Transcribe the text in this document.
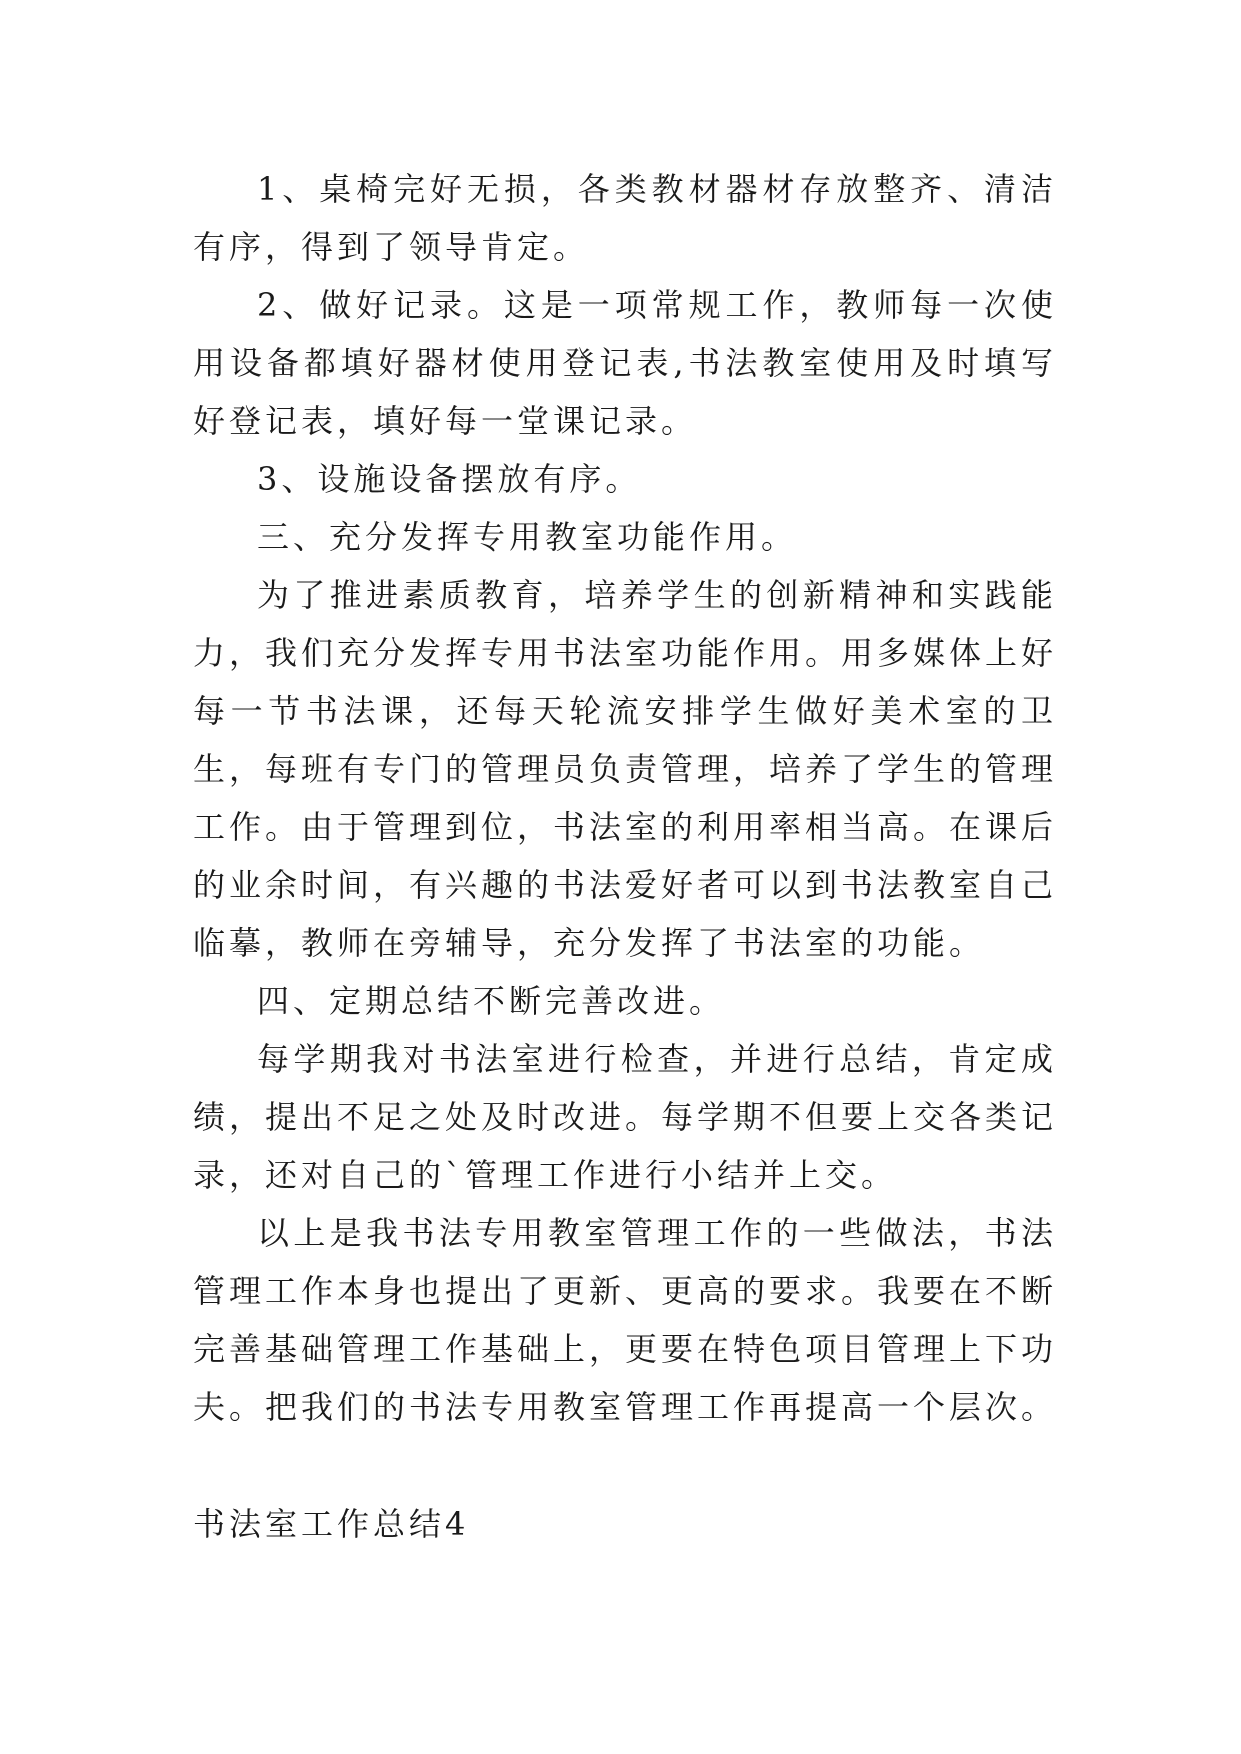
1、桌椅完好无损，各类教材器材存放整齐、清洁有序，得到了领导肯定。

2、做好记录。这是一项常规工作，教师每一次使用设备都填好器材使用登记表,书法教室使用及时填写好登记表，填好每一堂课记录。

3、设施设备摆放有序。

三、充分发挥专用教室功能作用。

为了推进素质教育，培养学生的创新精神和实践能力，我们充分发挥专用书法室功能作用。用多媒体上好每一节书法课，还每天轮流安排学生做好美术室的卫生，每班有专门的管理员负责管理，培养了学生的管理工作。由于管理到位，书法室的利用率相当高。在课后的业余时间，有兴趣的书法爱好者可以到书法教室自己临摹，教师在旁辅导，充分发挥了书法室的功能。

四、定期总结不断完善改进。

每学期我对书法室进行检查，并进行总结，肯定成绩，提出不足之处及时改进。每学期不但要上交各类记录，还对自己的`管理工作进行小结并上交。

以上是我书法专用教室管理工作的一些做法，书法管理工作本身也提出了更新、更高的要求。我要在不断完善基础管理工作基础上，更要在特色项目管理上下功夫。把我们的书法专用教室管理工作再提高一个层次。

书法室工作总结4
